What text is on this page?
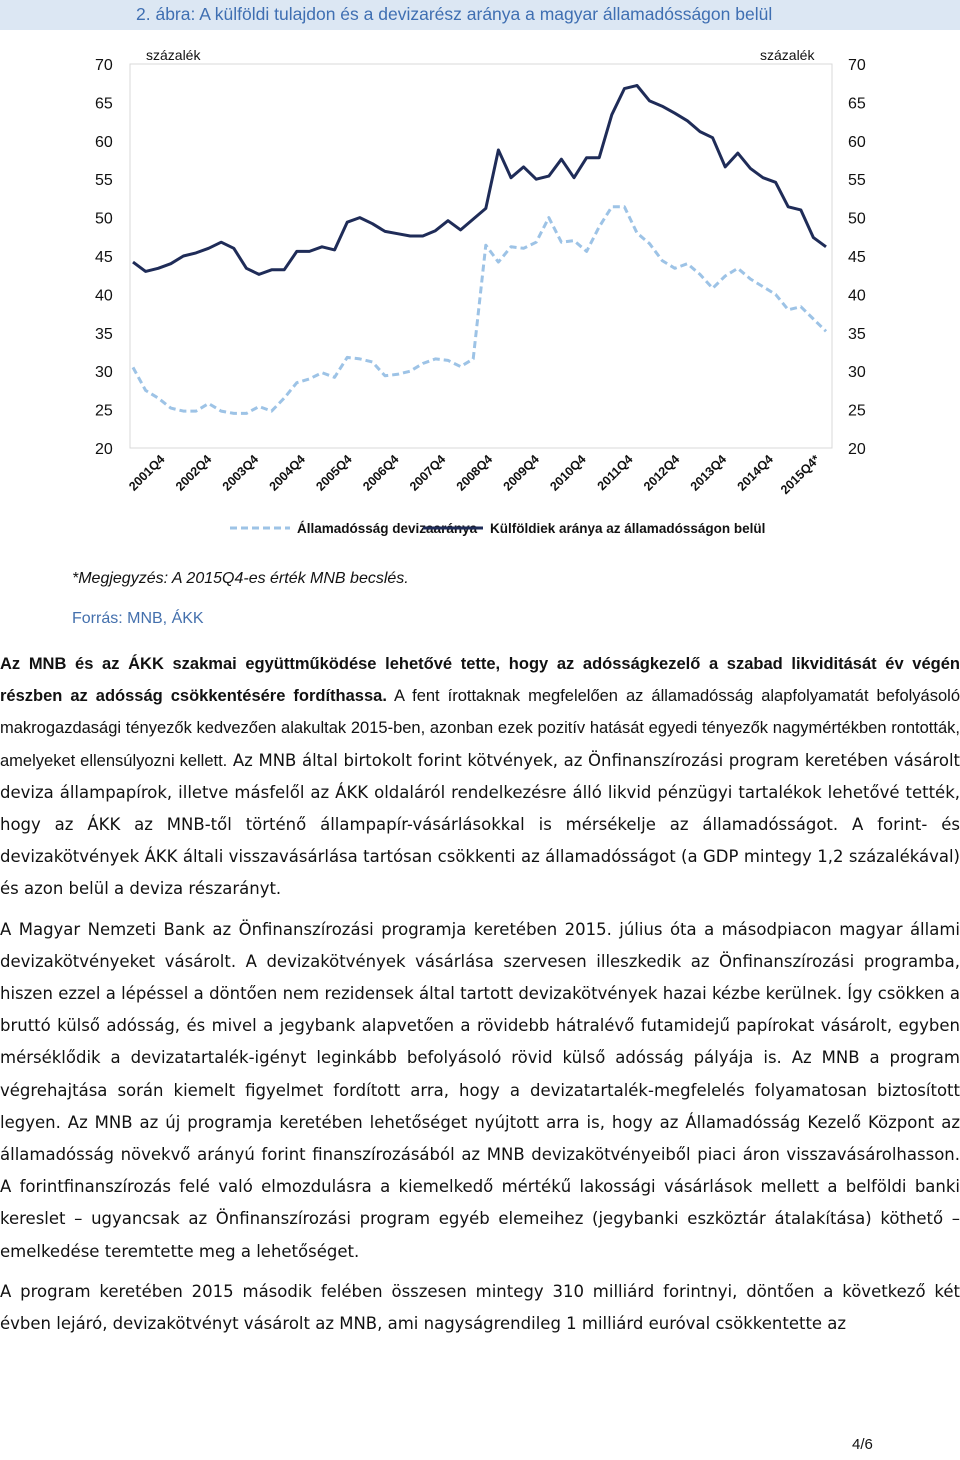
2. ábra: A külföldi tulajdon és a devizarész aránya a magyar államadósságon belül
70
65
60
55
50
45
40
35
30
25
20
70
65
60
55
50
45
40
35
30
25
20
százalék	százalék
2001Q4 2002Q4 2003Q4 2004Q4 2005Q4 2006Q4 2007Q4 2008Q4 2009Q4 2010Q4 2011Q4 2012Q4 2013Q4 2014Q4 2015Q4*
Államadósság devizaaránya Külföldiek aránya az államadósságon belül
*Megjegyzés: A 2015Q4-es érték MNB becslés.
Forrás: MNB, ÁKK

Az MNB és az ÁKK szakmai együttműködése lehetővé tette, hogy az adósságkezelő a szabad likviditását év végén részben az adósság csökkentésére fordíthassa. A fent írottaknak megfelelően az államadósság alapfolyamatát befolyásoló makrogazdasági tényezők kedvezően alakultak 2015-ben, azonban ezek pozitív hatását egyedi tényezők nagymértékben rontották, amelyeket ellensúlyozni kellett. Az MNB által birtokolt forint kötvények, az Önfinanszírozási program keretében vásárolt deviza állampapírok, illetve másfelől az ÁKK oldaláról rendelkezésre álló likvid pénzügyi tartalékok lehetővé tették, hogy az ÁKK az MNB-től történő állampapír-vásárlásokkal is mérsékelje az államadósságot. A forint- és devizakötvények ÁKK általi visszavásárlása tartósan csökkenti az államadósságot (a GDP mintegy 1,2 százalékával) és azon belül a deviza részarányt.

A Magyar Nemzeti Bank az Önfinanszírozási programja keretében 2015. július óta a másodpiacon magyar állami devizakötvényeket vásárolt. A devizakötvények vásárlása szervesen illeszkedik az Önfinanszírozási programba, hiszen ezzel a lépéssel a döntően nem rezidensek által tartott devizakötvények hazai kézbe kerülnek. Így csökken a bruttó külső adósság, és mivel a jegybank alapvetően a rövidebb hátralévő futamidejű papírokat vásárolt, egyben mérséklődik a devizatartalék-igényt leginkább befolyásoló rövid külső adósság pályája is. Az MNB a program végrehajtása során kiemelt figyelmet fordított arra, hogy a devizatartalék-megfelelés folyamatosan biztosított legyen. Az MNB az új programja keretében lehetőséget nyújtott arra is, hogy az Államadósság Kezelő Központ az államadósság növekvő arányú forint finanszírozásából az MNB devizakötvényeiből piaci áron visszavásárolhasson. A forintfinanszírozás felé való elmozdulásra a kiemelkedő mértékű lakossági vásárlások mellett a belföldi banki kereslet – ugyancsak az Önfinanszírozási program egyéb elemeihez (jegybanki eszköztár átalakítása) köthető – emelkedése teremtette meg a lehetőséget.

A program keretében 2015 második felében összesen mintegy 310 milliárd forintnyi, döntően a következő két évben lejáró, devizakötvényt vásárolt az MNB, ami nagyságrendileg 1 milliárd euróval csökkentette az

4/6
